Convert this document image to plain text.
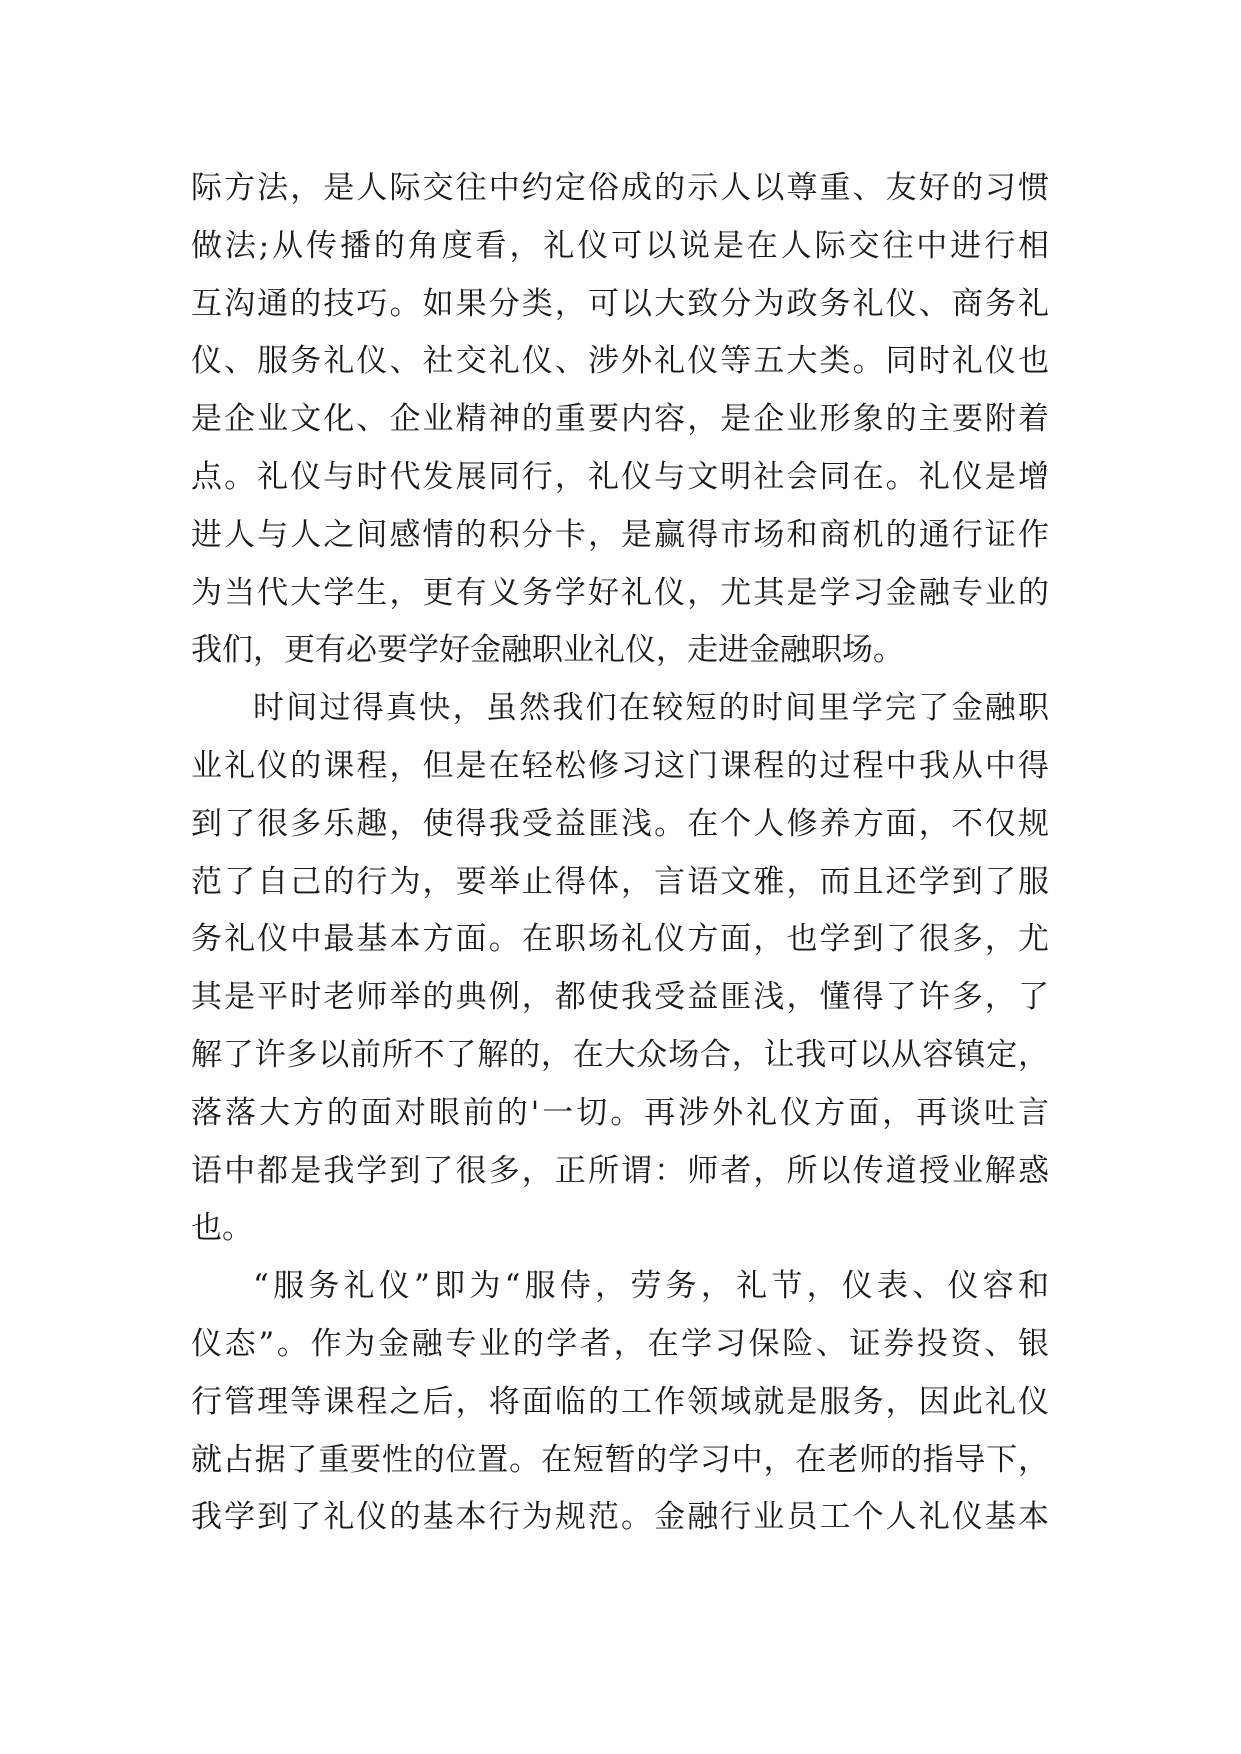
际方法，是人际交往中约定俗成的示人以尊重、友好的习惯
做法;从传播的角度看，礼仪可以说是在人际交往中进行相
互沟通的技巧。如果分类，可以大致分为政务礼仪、商务礼
仪、服务礼仪、社交礼仪、涉外礼仪等五大类。同时礼仪也
是企业文化、企业精神的重要内容，是企业形象的主要附着
点。礼仪与时代发展同行，礼仪与文明社会同在。礼仪是增
进人与人之间感情的积分卡，是赢得市场和商机的通行证作
为当代大学生，更有义务学好礼仪，尤其是学习金融专业的
我们，更有必要学好金融职业礼仪，走进金融职场。
时间过得真快，虽然我们在较短的时间里学完了金融职
业礼仪的课程，但是在轻松修习这门课程的过程中我从中得
到了很多乐趣，使得我受益匪浅。在个人修养方面，不仅规
范了自己的行为，要举止得体，言语文雅，而且还学到了服
务礼仪中最基本方面。在职场礼仪方面，也学到了很多，尤
其是平时老师举的典例，都使我受益匪浅，懂得了许多，了
解了许多以前所不了解的，在大众场合，让我可以从容镇定，
落落大方的面对眼前的'一切。再涉外礼仪方面，再谈吐言
语中都是我学到了很多，正所谓：师者，所以传道授业解惑
也。
“服务礼仪”即为“服侍，劳务，礼节，仪表、仪容和
仪态”。作为金融专业的学者，在学习保险、证券投资、银
行管理等课程之后，将面临的工作领域就是服务，因此礼仪
就占据了重要性的位置。在短暂的学习中，在老师的指导下，
我学到了礼仪的基本行为规范。金融行业员工个人礼仪基本
